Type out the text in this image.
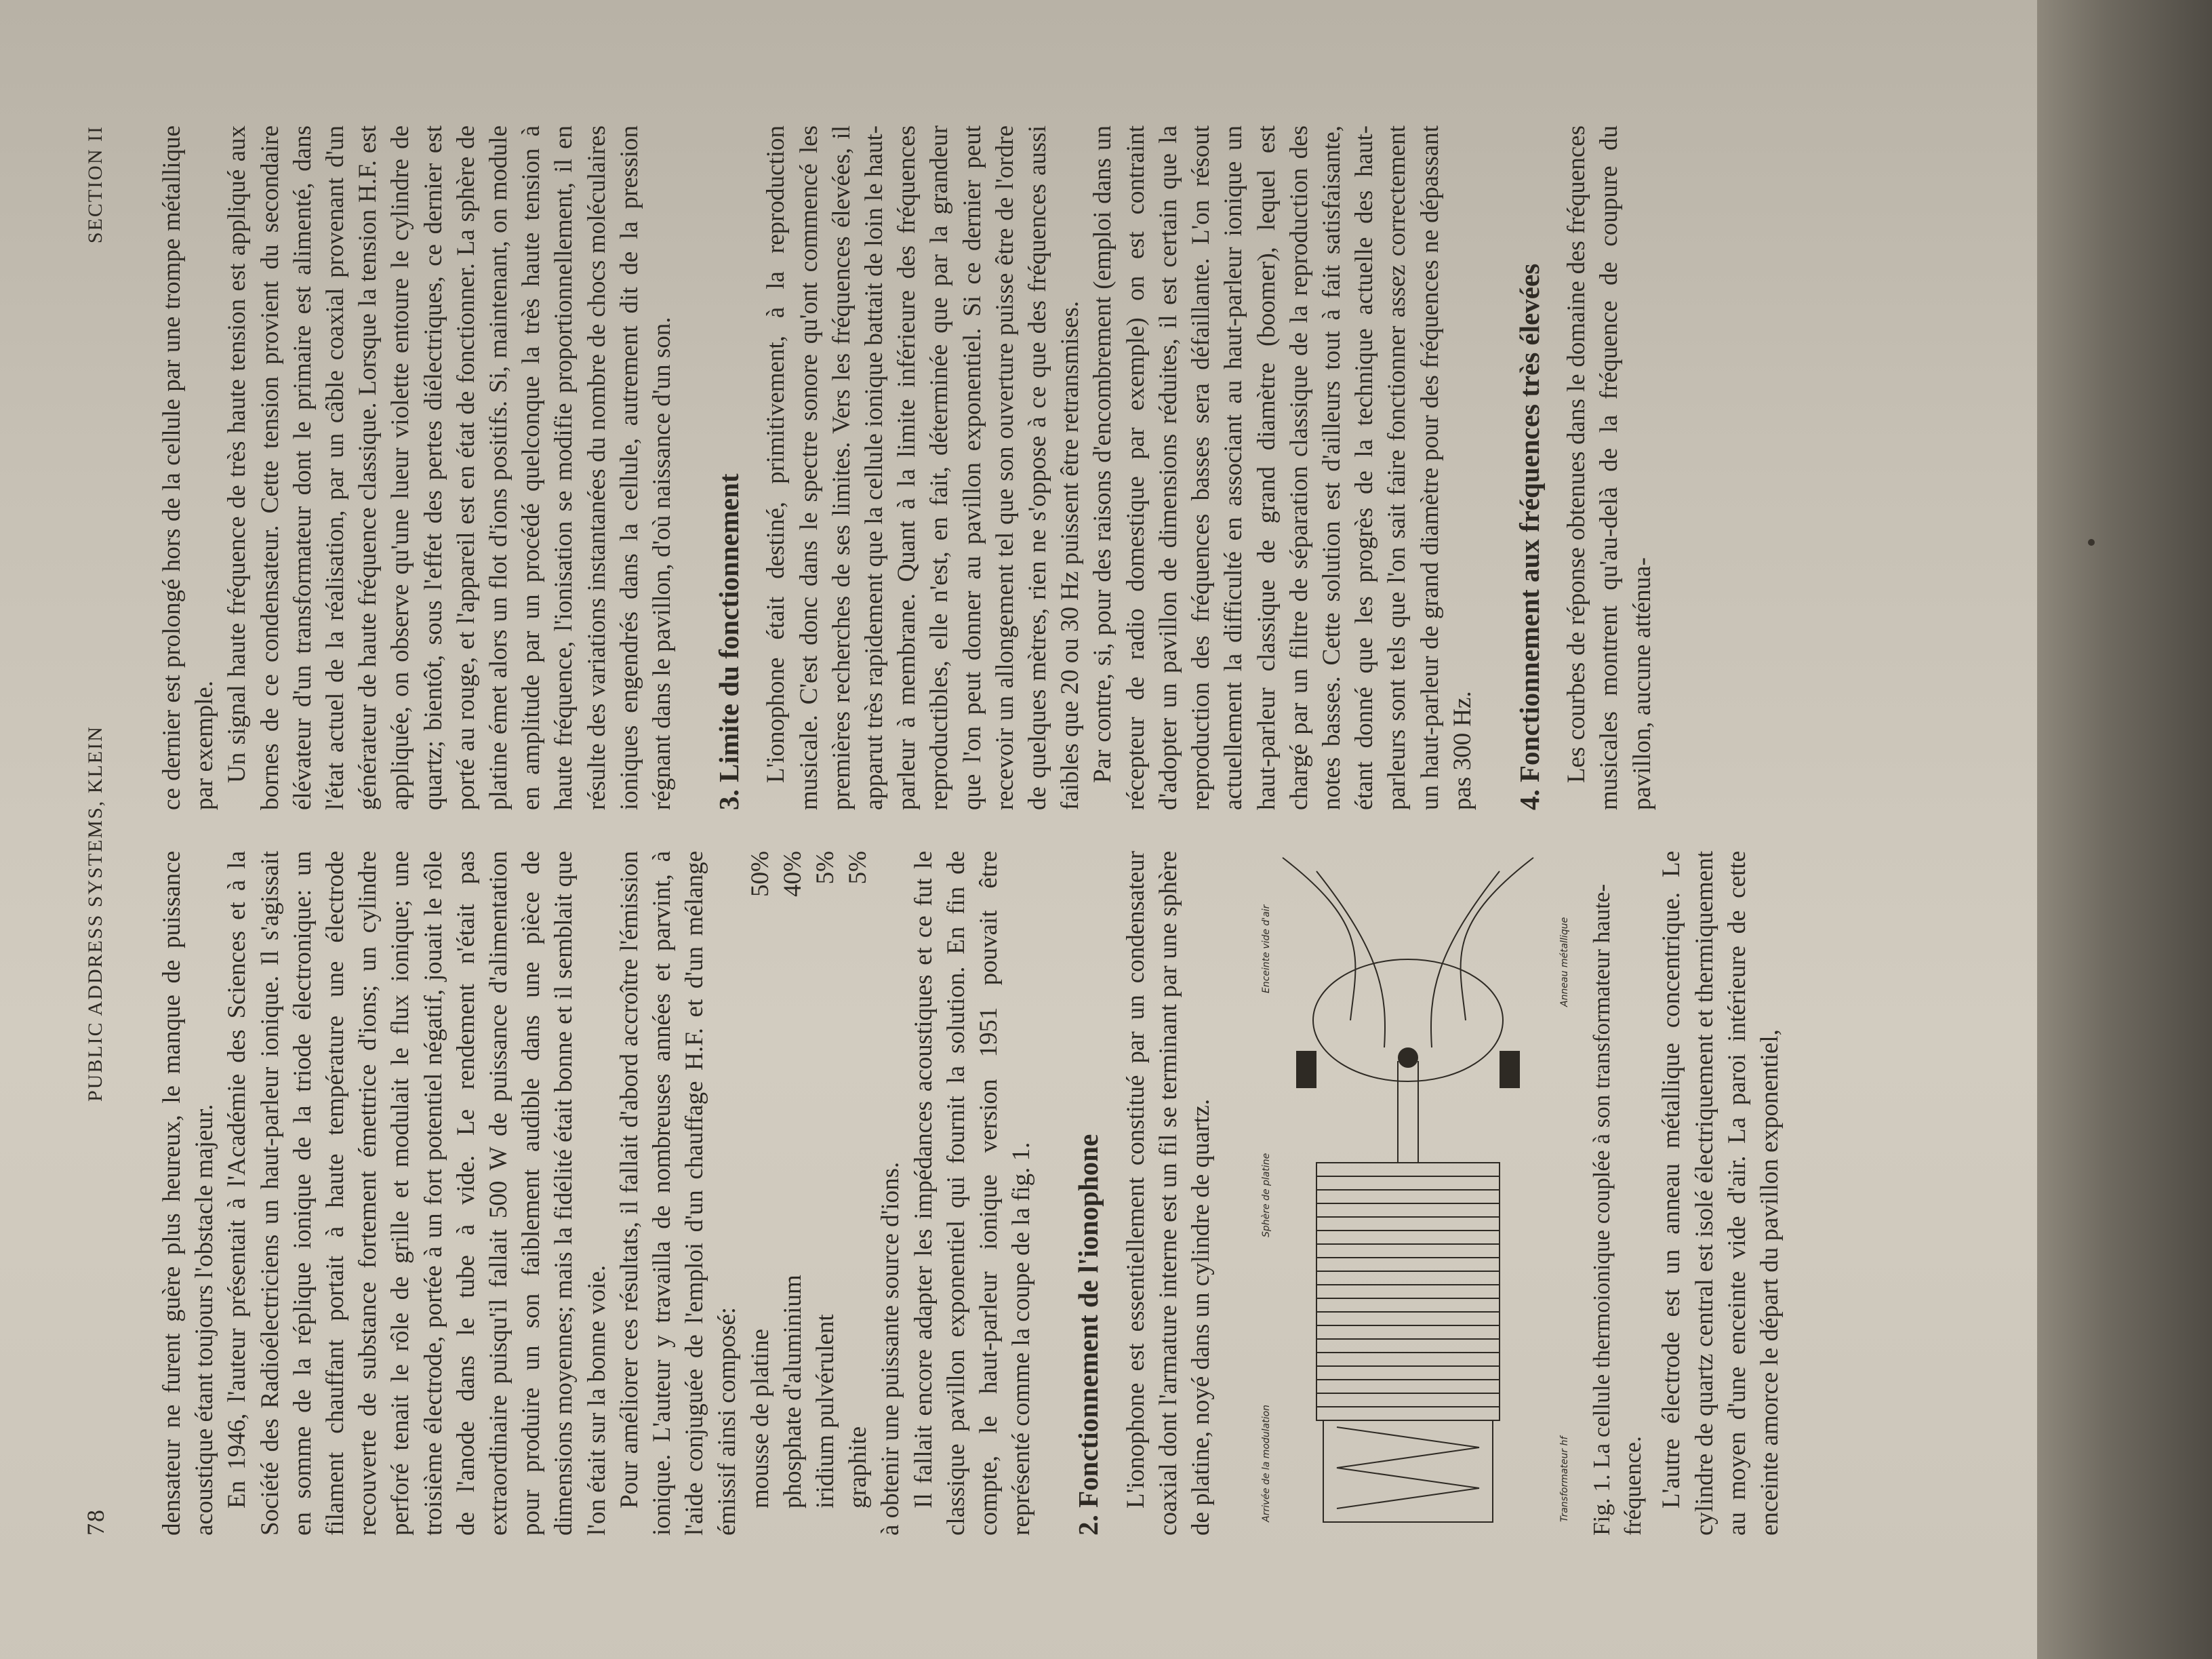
78
PUBLIC ADDRESS SYSTEMS, KLEIN
SECTION II

densateur ne furent guère plus heureux, le manque de puissance acoustique étant toujours l'obstacle majeur. En 1946, l'auteur présentait à l'Académie des Sciences et à la Société des Radioélectriciens un haut-parleur ionique. Il s'agissait en somme de la réplique ionique de la triode électronique: un filament chauffant portait à haute température une électrode recouverte de substance fortement émettrice d'ions; un cylindre perforé tenait le rôle de grille et modulait le flux ionique; une troisième électrode, portée à un fort potentiel négatif, jouait le rôle de l'anode dans le tube à vide. Le rendement n'était pas extraordinaire puisqu'il fallait 500 W de puissance d'alimentation pour produire un son faiblement audible dans une pièce de dimensions moyennes; mais la fidélité était bonne et il semblait que l'on était sur la bonne voie. Pour améliorer ces résultats, il fallait d'abord accroître l'émission ionique. L'auteur y travailla de nombreuses années et parvint, à l'aide conjuguée de l'emploi d'un chauffage H.F. et d'un mélange émissif ainsi composé: mousse de platine
50%
phosphate d'aluminium
40%
iridium pulvérulent
5%
graphite
5%

à obtenir une puissante source d'ions. Il fallait encore adapter les impédances acoustiques et ce fut le classique pavillon exponentiel qui fournit la solution. En fin de compte, le haut-parleur ionique version 1951 pouvait être représenté comme la coupe de la fig. 1. 2. Fonctionnement de l'ionophone L'ionophone est essentiellement constitué par un condensateur coaxial dont l'armature interne est un fil se terminant par une sphère de platine, noyé dans un cylindre de quartz.	Arrivée de la modulation
Sphère de platine
Enceinte vide d'air	Anneau métallique
Transformateur hf Fig. 1. La cellule thermoionique couplée à son transformateur haute-fréquence. L'autre électrode est un anneau métallique concentrique. Le cylindre de quartz central est isolé électriquement et thermiquement au moyen d'une enceinte vide d'air. La paroi intérieure de cette enceinte amorce le départ du pavillon exponentiel,

ce dernier est prolongé hors de la cellule par une trompe métallique par exemple. Un signal haute fréquence de très haute tension est appliqué aux bornes de ce condensateur. Cette tension provient du secondaire élévateur d'un transformateur dont le primaire est alimenté, dans l'état actuel de la réalisation, par un câble coaxial provenant d'un générateur de haute fréquence classique. Lorsque la tension H.F. est appliquée, on observe qu'une lueur violette entoure le cylindre de quartz; bientôt, sous l'effet des pertes diélectriques, ce dernier est porté au rouge, et l'appareil est en état de fonctionner. La sphère de platine émet alors un flot d'ions positifs. Si, maintenant, on module en amplitude par un procédé quelconque la très haute tension à haute fréquence, l'ionisation se modifie proportionnellement, il en résulte des variations instantanées du nombre de chocs moléculaires ioniques engendrés dans la cellule, autrement dit de la pression régnant dans le pavillon, d'où naissance d'un son. 3. Limite du fonctionnement L'ionophone était destiné, primitivement, à la reproduction musicale. C'est donc dans le spectre sonore qu'ont commencé les premières recherches de ses limites. Vers les fréquences élevées, il apparut très rapidement que la cellule ionique battait de loin le haut-parleur à membrane. Quant à la limite inférieure des fréquences reproductibles, elle n'est, en fait, déterminée que par la grandeur que l'on peut donner au pavillon exponentiel. Si ce dernier peut recevoir un allongement tel que son ouverture puisse être de l'ordre de quelques mètres, rien ne s'oppose à ce que des fréquences aussi faibles que 20 ou 30 Hz puissent être retransmises. Par contre, si, pour des raisons d'encombrement (emploi dans un récepteur de radio domestique par exemple) on est contraint d'adopter un pavillon de dimensions réduites, il est certain que la reproduction des fréquences basses sera défaillante. L'on résout actuellement la difficulté en associant au haut-parleur ionique un haut-parleur classique de grand diamètre (boomer), lequel est chargé par un filtre de séparation classique de la reproduction des notes basses. Cette solution est d'ailleurs tout à fait satisfaisante, étant donné que les progrès de la technique actuelle des haut-parleurs sont tels que l'on sait faire fonctionner assez correctement un haut-parleur de grand diamètre pour des fréquences ne dépassant pas 300 Hz. 4. Fonctionnement aux fréquences très élevées Les courbes de réponse obtenues dans le domaine des fréquences musicales montrent qu'au-delà de la fréquence de coupure du pavillon, aucune atténua-
